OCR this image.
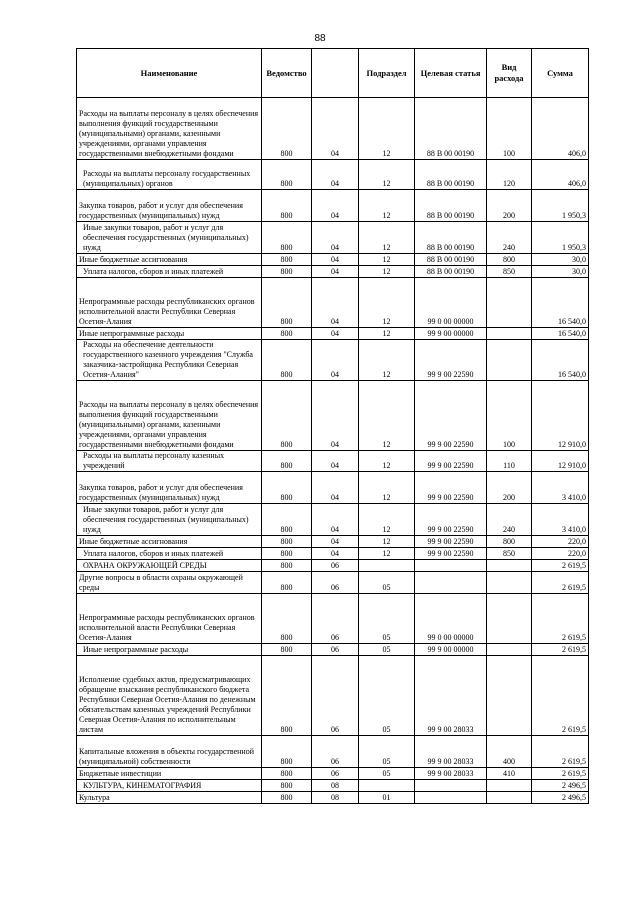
88
Наименование	Ведомство		Подраздел	Целевая статья	Вид расхода	Сумма
Расходы на выплаты персоналу в целях обеспечения выполнения функций государственными (муниципальными) органами, казенными учреждениями, органами управления государственными внебюджетными фондами	800	04	12	88 В 00 00190	100	406,0
Расходы на выплаты персоналу государственных (муниципальных) органов	800	04	12	88 В 00 00190	120	406,0
Закупка товаров, работ и услуг для обеспечения государственных (муниципальных) нужд	800	04	12	88 В 00 00190	200	1 950,3
Иные закупки товаров, работ и услуг для обеспечения государственных (муниципальных) нужд	800	04	12	88 В 00 00190	240	1 950,3
Иные бюджетные ассигнования	800	04	12	88 В 00 00190	800	30,0
Уплата налогов, сборов и иных платежей	800	04	12	88 В 00 00190	850	30,0
Непрограммные расходы республиканских органов исполнительной власти Республики Северная Осетия-Алания	800	04	12	99 0 00 00000		16 540,0
Иные непрограммные расходы	800	04	12	99 9 00 00000		16 540,0
Расходы на обеспечение деятельности государственного казенного учреждения "Служба заказчика-застройщика Республики Северная Осетия-Алания"	800	04	12	99 9 00 22590		16 540,0
Расходы на выплаты персоналу в целях обеспечения выполнения функций государственными (муниципальными) органами, казенными учреждениями, органами управления государственными внебюджетными фондами	800	04	12	99 9 00 22590	100	12 910,0
Расходы на выплаты персоналу казенных учреждений	800	04	12	99 9 00 22590	110	12 910,0
Закупка товаров, работ и услуг для обеспечения государственных (муниципальных) нужд	800	04	12	99 9 00 22590	200	3 410,0
Иные закупки товаров, работ и услуг для обеспечения государственных (муниципальных) нужд	800	04	12	99 9 00 22590	240	3 410,0
Иные бюджетные ассигнования	800	04	12	99 9 00 22590	800	220,0
Уплата налогов, сборов и иных платежей	800	04	12	99 9 00 22590	850	220,0
ОХРАНА ОКРУЖАЮЩЕЙ СРЕДЫ	800	06				2 619,5
Другие вопросы в области охраны окружающей среды	800	06	05			2 619,5
Непрограммные расходы республиканских органов исполнительной власти Республики Северная Осетия-Алания	800	06	05	99 0 00 00000		2 619,5
Иные непрограммные расходы	800	06	05	99 9 00 00000		2 619,5
Исполнение судебных актов, предусматривающих обращение взыскания республиканского бюджета Республики Северная Осетия-Алания по денежным обязательствам казенных учреждений Республики Северная Осетия-Алания по исполнительным листам	800	06	05	99 9 00 28033		2 619,5
Капитальные вложения в объекты государственной (муниципальной) собственности	800	06	05	99 9 00 28033	400	2 619,5
Бюджетные инвестиции	800	06	05	99 9 00 28033	410	2 619,5
КУЛЬТУРА, КИНЕМАТОГРАФИЯ	800	08				2 496,5
Культура	800	08	01			2 496,5
